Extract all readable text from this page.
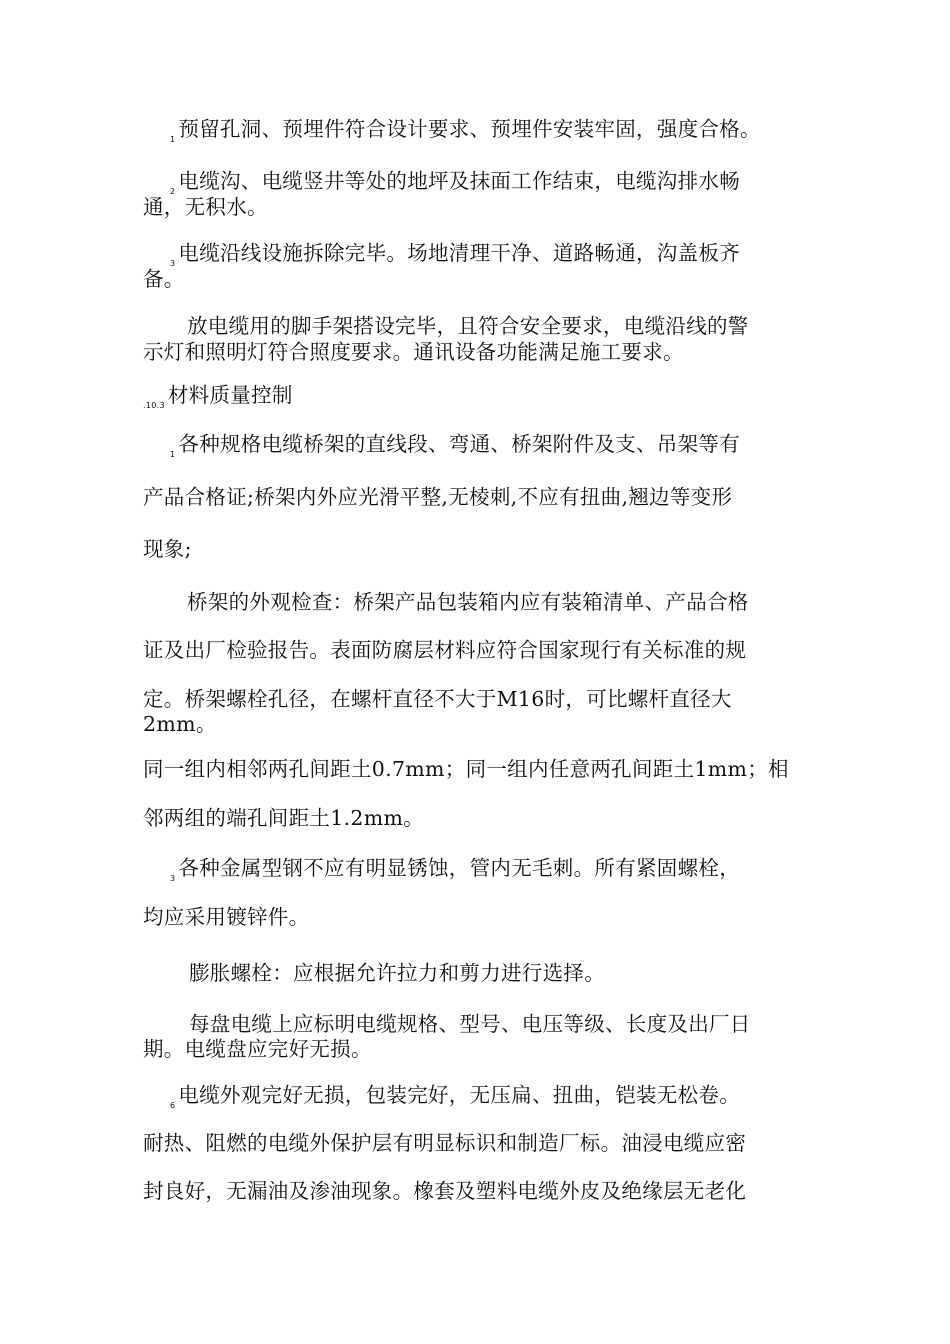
1 预留孔洞、预埋件符合设计要求、预埋件安装牢固，强度合格。
2 电缆沟、电缆竖井等处的地坪及抹面工作结束，电缆沟排水畅
通，无积水。
3 电缆沿线设施拆除完毕。场地清理干净、道路畅通，沟盖板齐
备。
放电缆用的脚手架搭设完毕，且符合安全要求，电缆沿线的警
示灯和照明灯符合照度要求。通讯设备功能满足施工要求。
.10.3 材料质量控制
1 各种规格电缆桥架的直线段、弯通、桥架附件及支、吊架等有
产品合格证;桥架内外应光滑平整,无棱刺,不应有扭曲,翘边等变形
现象;
桥架的外观检查：桥架产品包装箱内应有装箱清单、产品合格
证及出厂检验报告。表面防腐层材料应符合国家现行有关标准的规
定。桥架螺栓孔径，在螺杆直径不大于M16时，可比螺杆直径大
2mm。
同一组内相邻两孔间距土0.7mm；同一组内任意两孔间距土1mm；相
邻两组的端孔间距土1.2mm。
3 各种金属型钢不应有明显锈蚀，管内无毛刺。所有紧固螺栓，
均应采用镀锌件。
膨胀螺栓：应根据允许拉力和剪力进行选择。
每盘电缆上应标明电缆规格、型号、电压等级、长度及出厂日
期。电缆盘应完好无损。
6 电缆外观完好无损，包装完好，无压扁、扭曲，铠装无松卷。
耐热、阻燃的电缆外保护层有明显标识和制造厂标。油浸电缆应密
封良好，无漏油及渗油现象。橡套及塑料电缆外皮及绝缘层无老化
